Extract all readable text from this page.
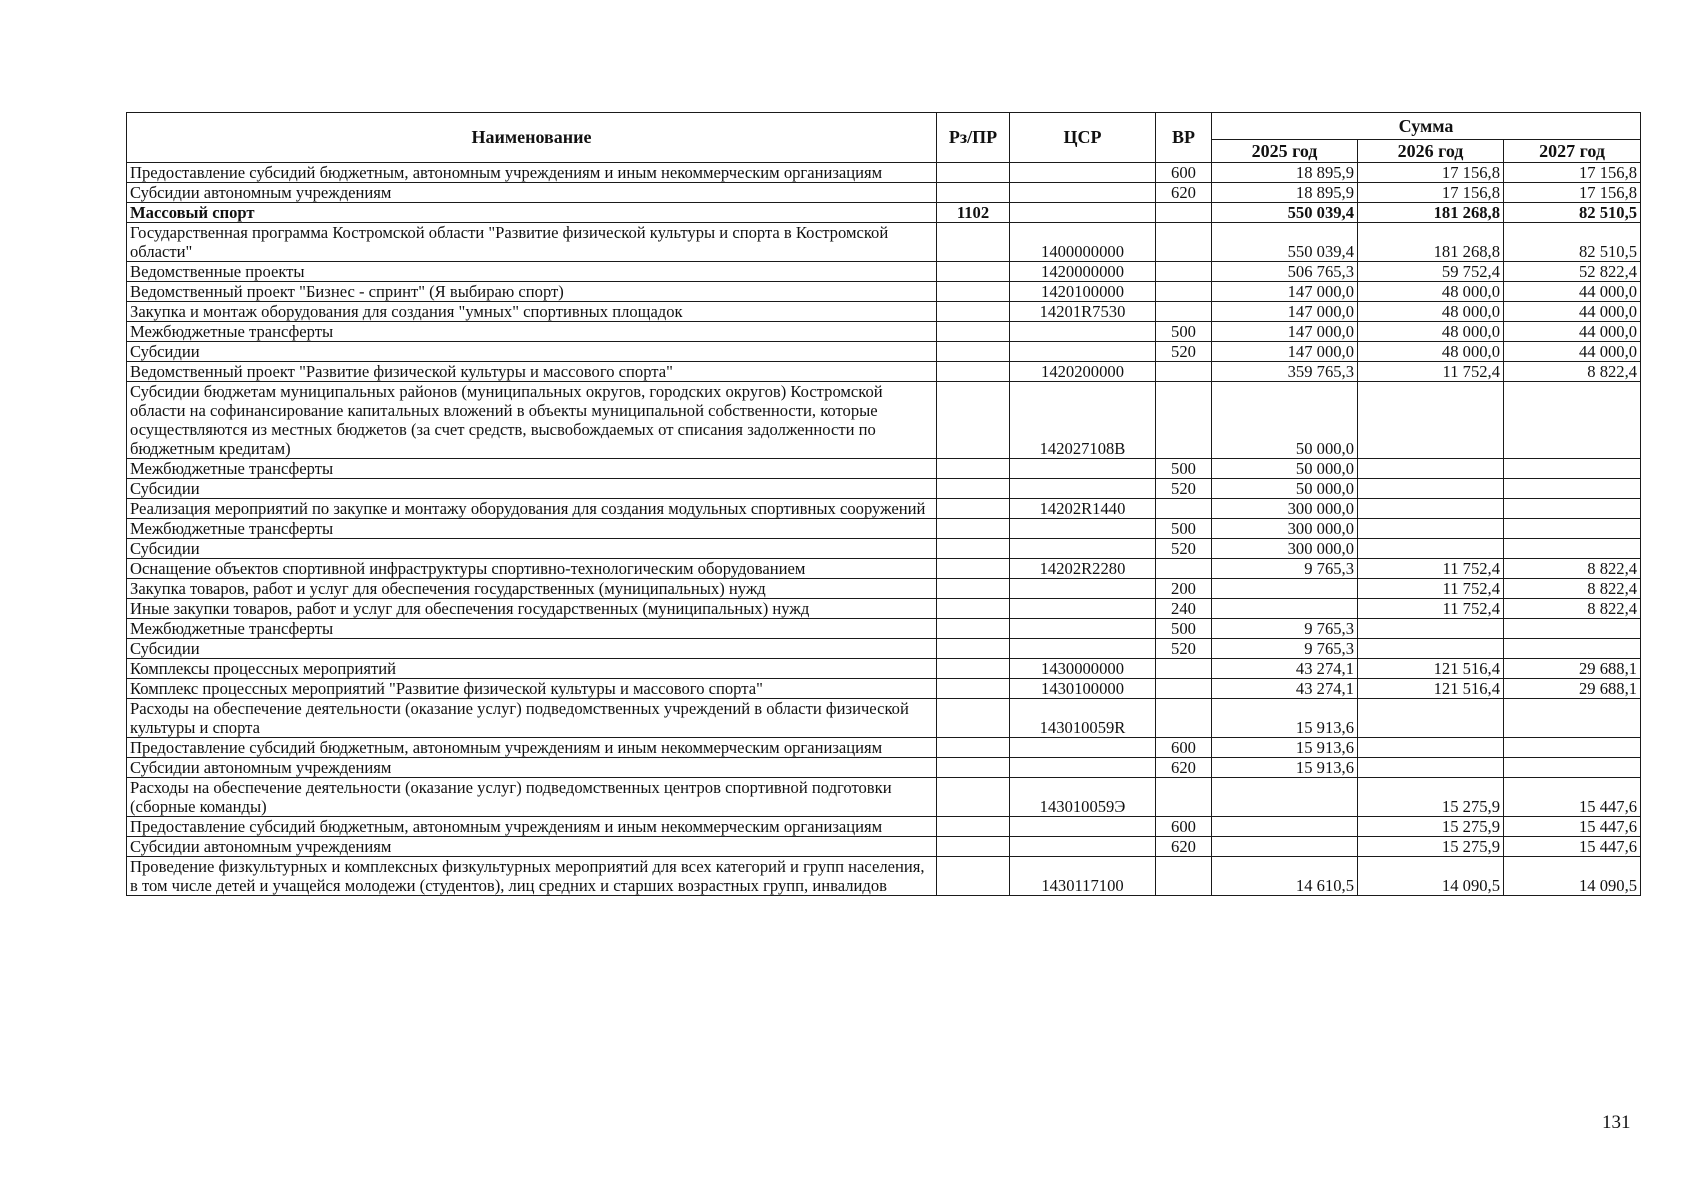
Наименование	Рз/ПР	ЦСР	ВР	Сумма		
				2025 год	2026 год	2027 год
Предоставление субсидий бюджетным, автономным учреждениям и иным некоммерческим организациям			600	18 895,9	17 156,8	17 156,8
Субсидии автономным учреждениям			620	18 895,9	17 156,8	17 156,8
Массовый спорт	1102			550 039,4	181 268,8	82 510,5
Государственная программа Костромской области "Развитие физической культуры и спорта в Костромской области"		1400000000		550 039,4	181 268,8	82 510,5
Ведомственные проекты		1420000000		506 765,3	59 752,4	52 822,4
Ведомственный проект "Бизнес - спринт" (Я выбираю спорт)		1420100000		147 000,0	48 000,0	44 000,0
Закупка и монтаж оборудования для создания "умных" спортивных площадок		14201R7530		147 000,0	48 000,0	44 000,0
Межбюджетные трансферты			500	147 000,0	48 000,0	44 000,0
Субсидии			520	147 000,0	48 000,0	44 000,0
Ведомственный проект "Развитие физической культуры и массового спорта"		1420200000		359 765,3	11 752,4	8 822,4
Субсидии бюджетам муниципальных районов (муниципальных округов, городских округов) Костромской области на софинансирование капитальных вложений в объекты муниципальной собственности, которые осуществляются из местных бюджетов (за счет средств, высвобождаемых от списания задолженности по бюджетным кредитам)		142027108В		50 000,0		
Межбюджетные трансферты			500	50 000,0		
Субсидии			520	50 000,0		
Реализация мероприятий по закупке и монтажу оборудования для создания модульных спортивных сооружений		14202R1440		300 000,0		
Межбюджетные трансферты			500	300 000,0		
Субсидии			520	300 000,0		
Оснащение объектов спортивной инфраструктуры спортивно-технологическим оборудованием		14202R2280		9 765,3	11 752,4	8 822,4
Закупка товаров, работ и услуг для обеспечения государственных (муниципальных) нужд			200		11 752,4	8 822,4
Иные закупки товаров, работ и услуг для обеспечения государственных (муниципальных) нужд			240		11 752,4	8 822,4
Межбюджетные трансферты			500	9 765,3		
Субсидии			520	9 765,3		
Комплексы процессных мероприятий		1430000000		43 274,1	121 516,4	29 688,1
Комплекс процессных мероприятий "Развитие физической культуры и массового спорта"		1430100000		43 274,1	121 516,4	29 688,1
Расходы на обеспечение деятельности (оказание услуг) подведомственных учреждений в области физической культуры и спорта		143010059R		15 913,6		
Предоставление субсидий бюджетным, автономным учреждениям и иным некоммерческим организациям			600	15 913,6		
Субсидии автономным учреждениям			620	15 913,6		
Расходы на обеспечение деятельности (оказание услуг) подведомственных центров спортивной подготовки (сборные команды)		143010059Э			15 275,9	15 447,6
Предоставление субсидий бюджетным, автономным учреждениям и иным некоммерческим организациям			600		15 275,9	15 447,6
Субсидии автономным учреждениям			620		15 275,9	15 447,6
Проведение физкультурных и комплексных физкультурных мероприятий для всех категорий и групп населения, в том числе детей и учащейся молодежи (студентов), лиц средних и старших возрастных групп, инвалидов		1430117100		14 610,5	14 090,5	14 090,5
131
